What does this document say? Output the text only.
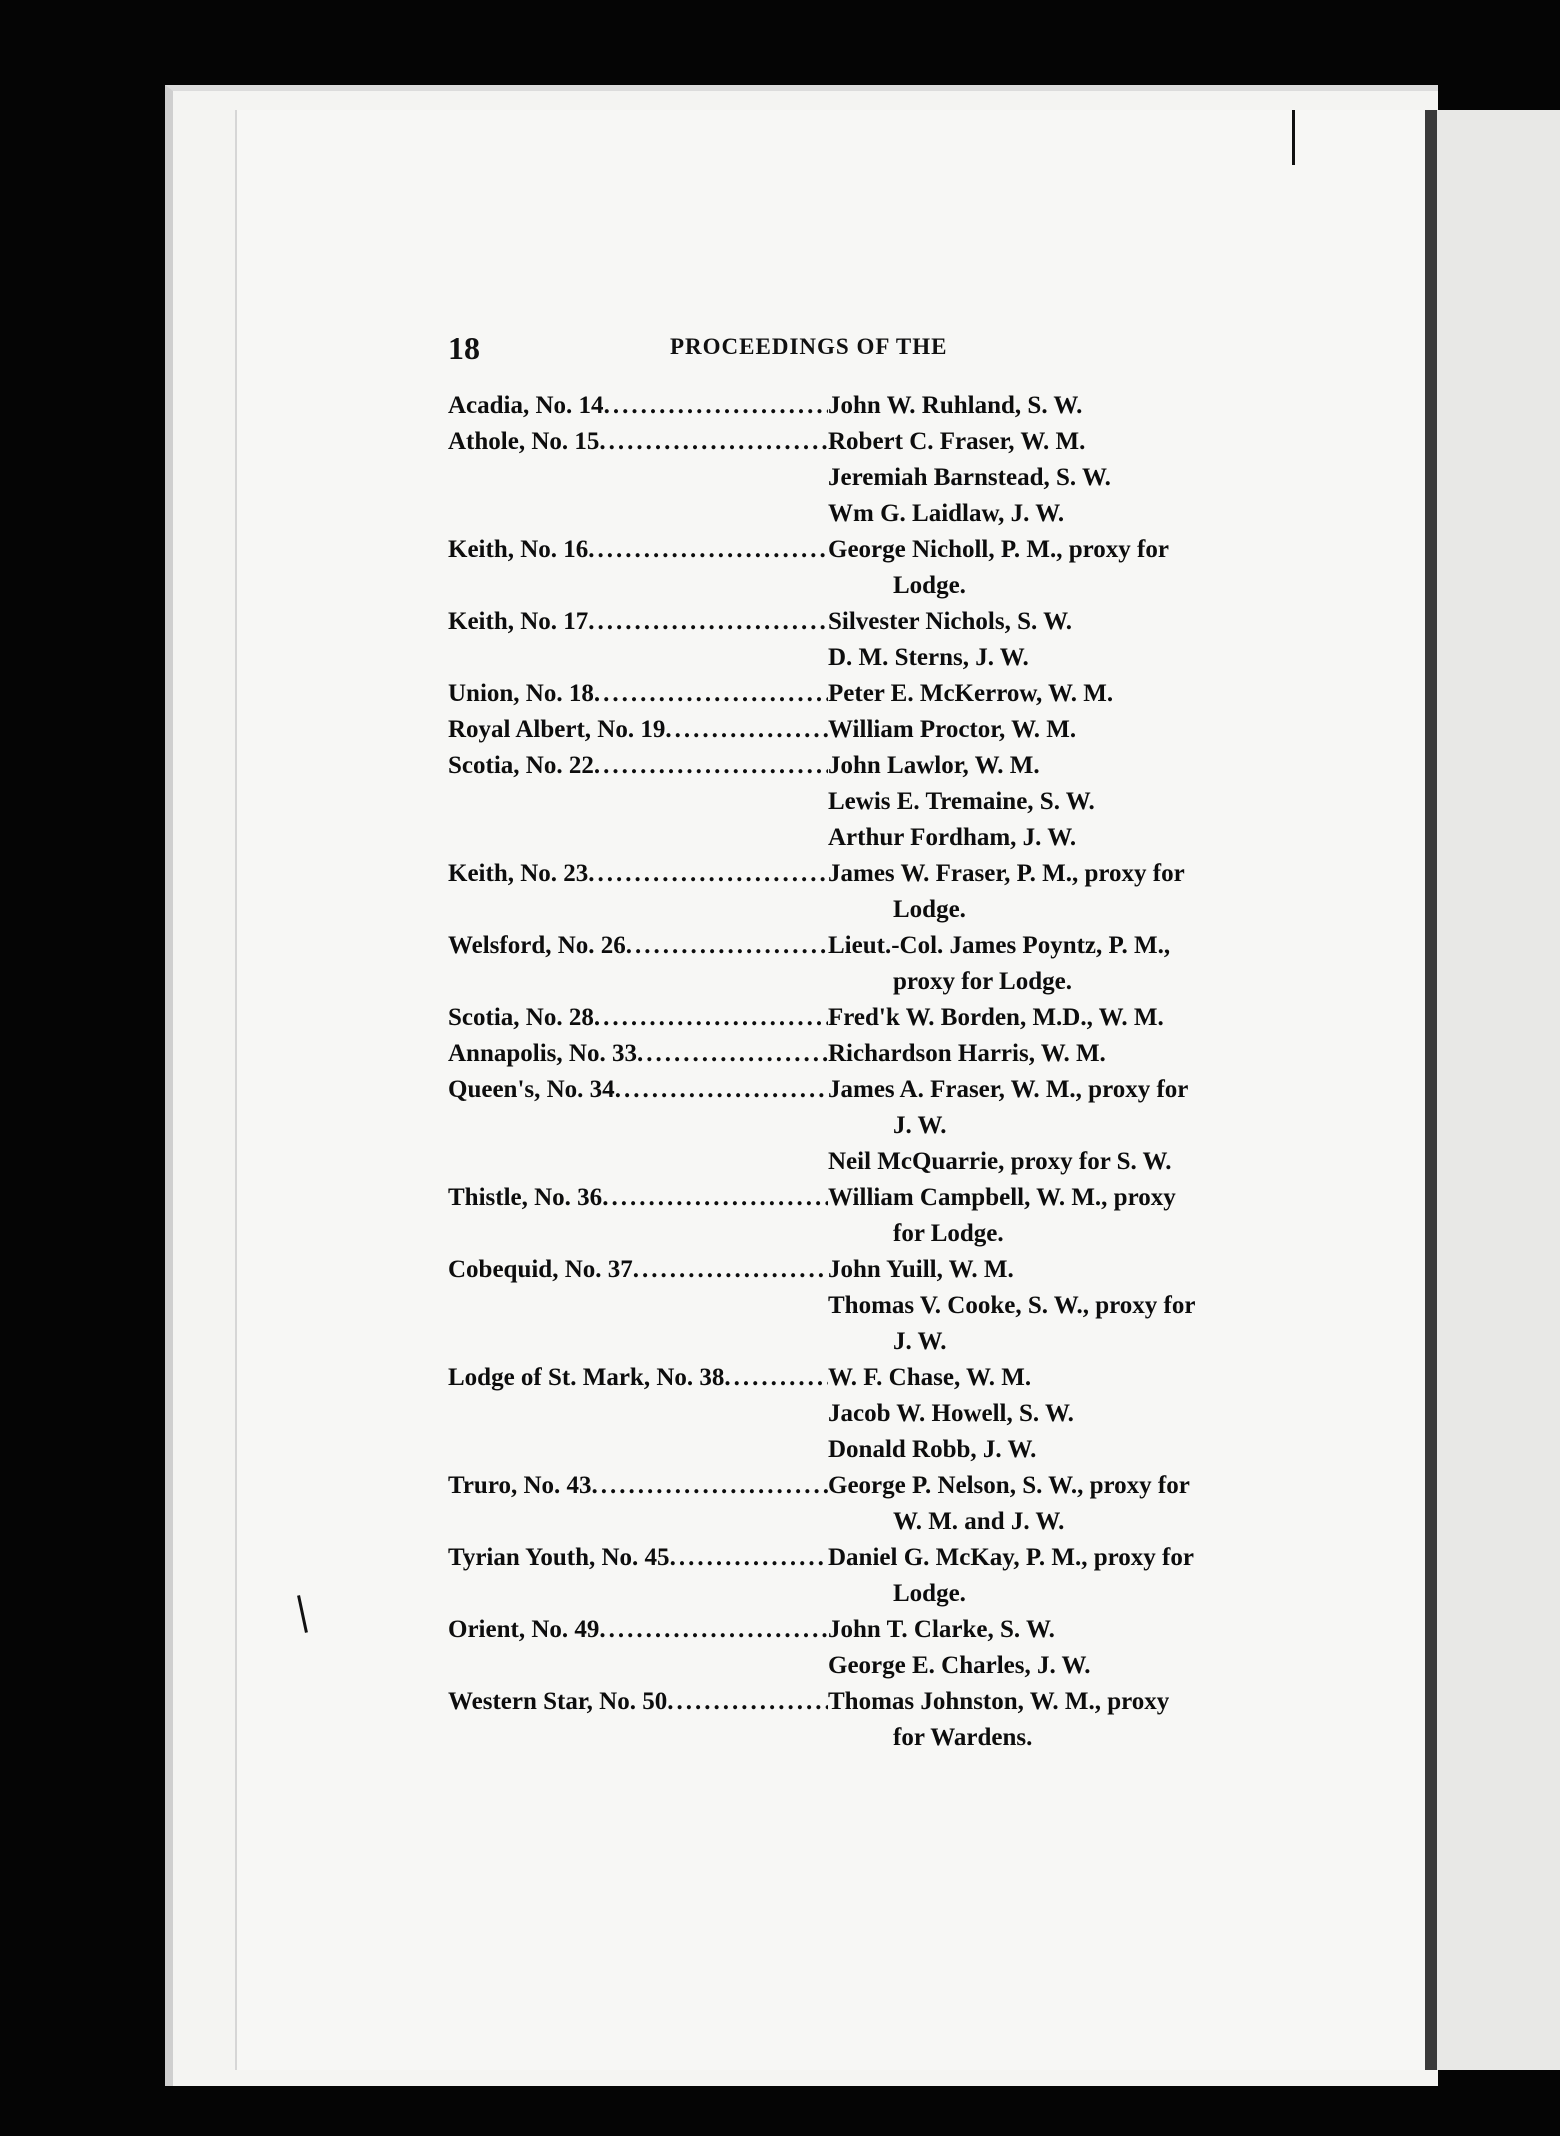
18	PROCEEDINGS OF THE
Acadia, No. 14 .....	John W. Ruhland, S. W.
Athole, No. 15 .....	Robert C. Fraser, W. M.
Jeremiah Barnstead, S. W.
Wm G. Laidlaw, J. W.
Keith, No. 16 .....	George Nicholl, P. M., proxy for
Lodge.
Keith, No. 17 .....	Silvester Nichols, S. W.
D. M. Sterns, J. W.
Union, No. 18 .....	Peter E. McKerrow, W. M.
Royal Albert, No. 19 .....	William Proctor, W. M.
Scotia, No. 22 .....	John Lawlor, W. M.
Lewis E. Tremaine, S. W.
Arthur Fordham, J. W.
Keith, No. 23 .....	James W. Fraser, P. M., proxy for
Lodge.
Welsford, No. 26 .....	Lieut.-Col. James Poyntz, P. M.,
proxy for Lodge.
Scotia, No. 28 .....	Fred'k W. Borden, M.D., W. M.
Annapolis, No. 33 .....	Richardson Harris, W. M.
Queen's, No. 34 .....	James A. Fraser, W. M., proxy for
J. W.
Neil McQuarrie, proxy for S. W.
Thistle, No. 36 .....	William Campbell, W. M., proxy
for Lodge.
Cobequid, No. 37 .....	John Yuill, W. M.
Thomas V. Cooke, S. W., proxy for
J. W.
Lodge of St. Mark, No. 38 .....	W. F. Chase, W. M.
Jacob W. Howell, S. W.
Donald Robb, J. W.
Truro, No. 43 .....	George P. Nelson, S. W., proxy for
W. M. and J. W.
Tyrian Youth, No. 45 .....	Daniel G. McKay, P. M., proxy for
Lodge.
Orient, No. 49 .....	John T. Clarke, S. W.
George E. Charles, J. W.
Western Star, No. 50 .....	Thomas Johnston, W. M., proxy
for Wardens.
